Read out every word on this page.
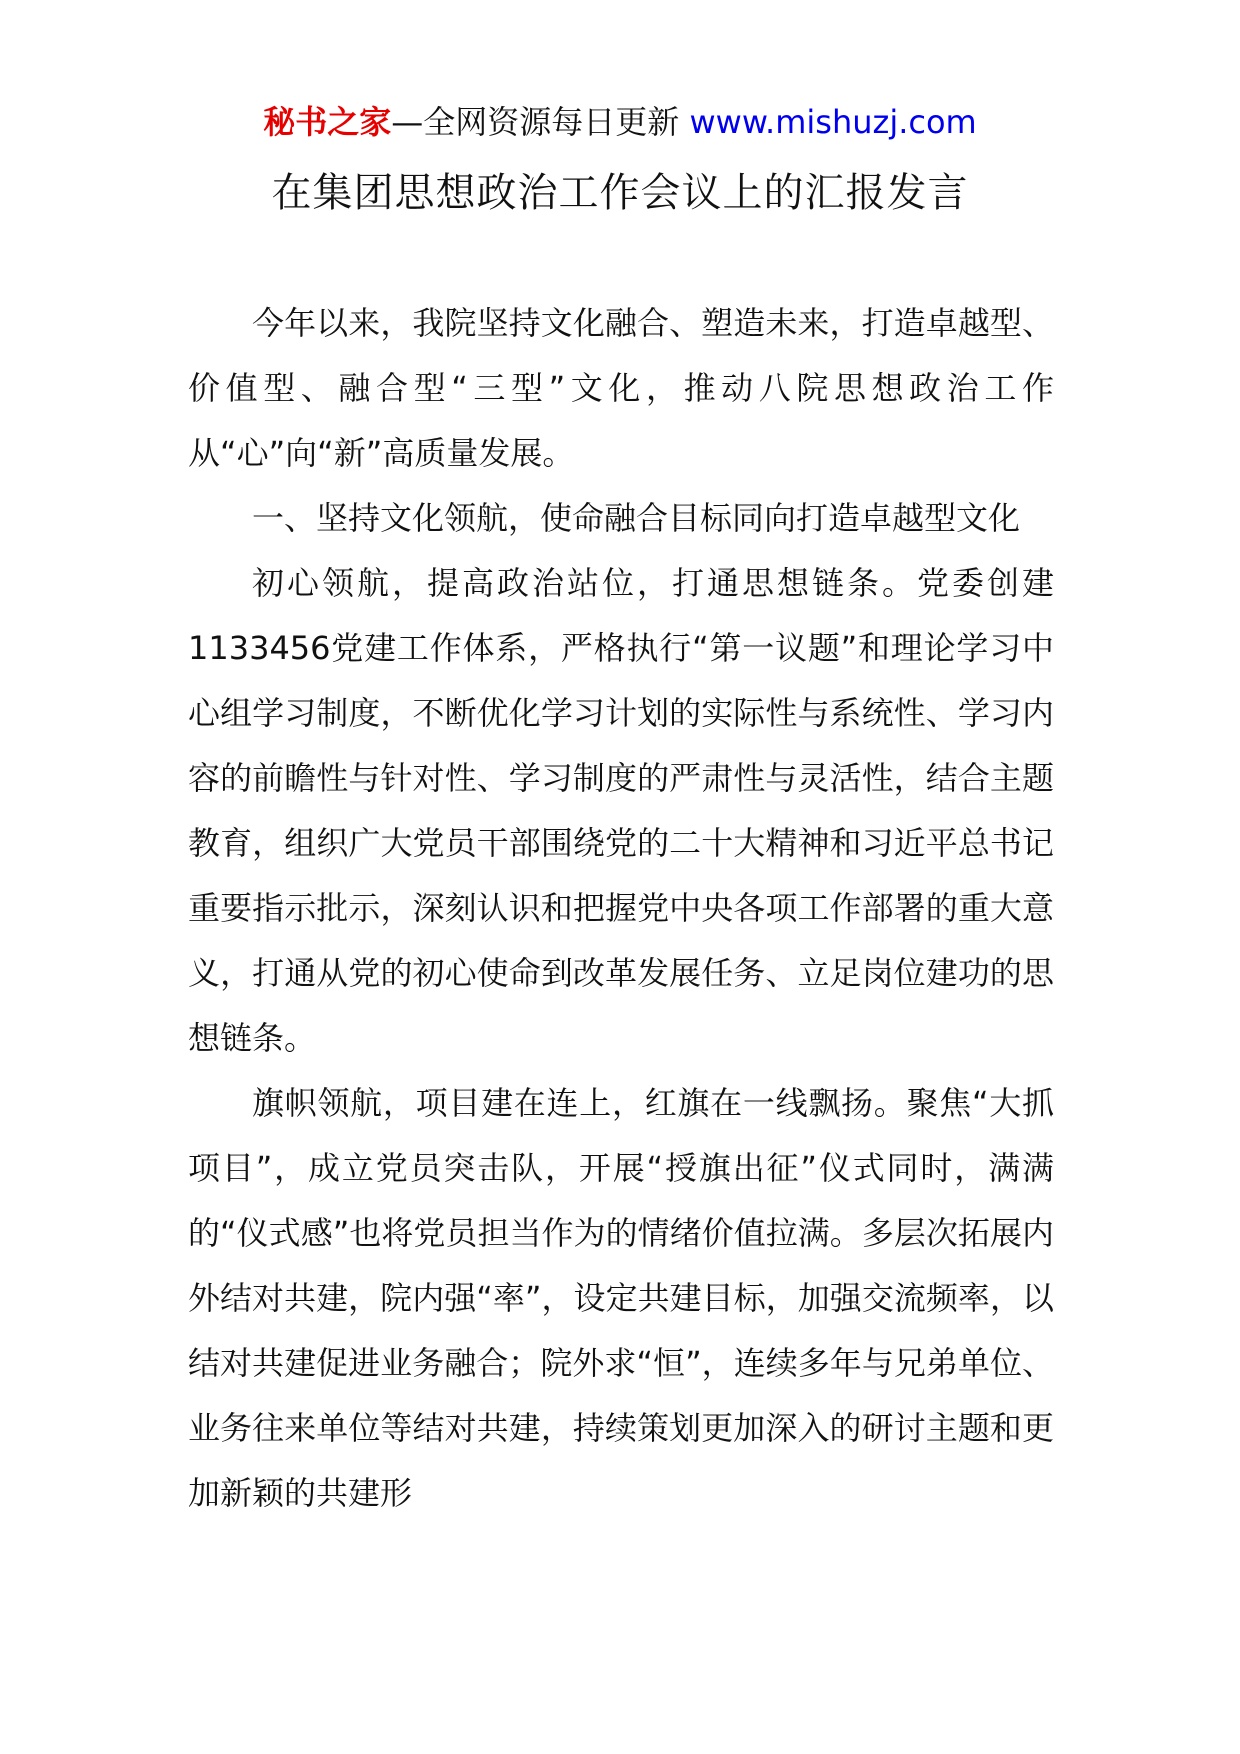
秘书之家—全网资源每日更新 www.mishuzj.com
在集团思想政治工作会议上的汇报发言

今年以来，我院坚持文化融合、塑造未来，打造卓越型、价值型、融合型“三型”文化，推动八院思想政治工作从“心”向“新”高质量发展。

一、坚持文化领航，使命融合目标同向打造卓越型文化

初心领航，提高政治站位，打通思想链条。党委创建1133456党建工作体系，严格执行“第一议题”和理论学习中心组学习制度，不断优化学习计划的实际性与系统性、学习内容的前瞻性与针对性、学习制度的严肃性与灵活性，结合主题教育，组织广大党员干部围绕党的二十大精神和习近平总书记重要指示批示，深刻认识和把握党中央各项工作部署的重大意义，打通从党的初心使命到改革发展任务、立足岗位建功的思想链条。

旗帜领航，项目建在连上，红旗在一线飘扬。聚焦“大抓项目”，成立党员突击队，开展“授旗出征”仪式同时，满满的“仪式感”也将党员担当作为的情绪价值拉满。多层次拓展内外结对共建，院内强“率”，设定共建目标，加强交流频率，以结对共建促进业务融合；院外求“恒”，连续多年与兄弟单位、业务往来单位等结对共建，持续策划更加深入的研讨主题和更加新颖的共建形
